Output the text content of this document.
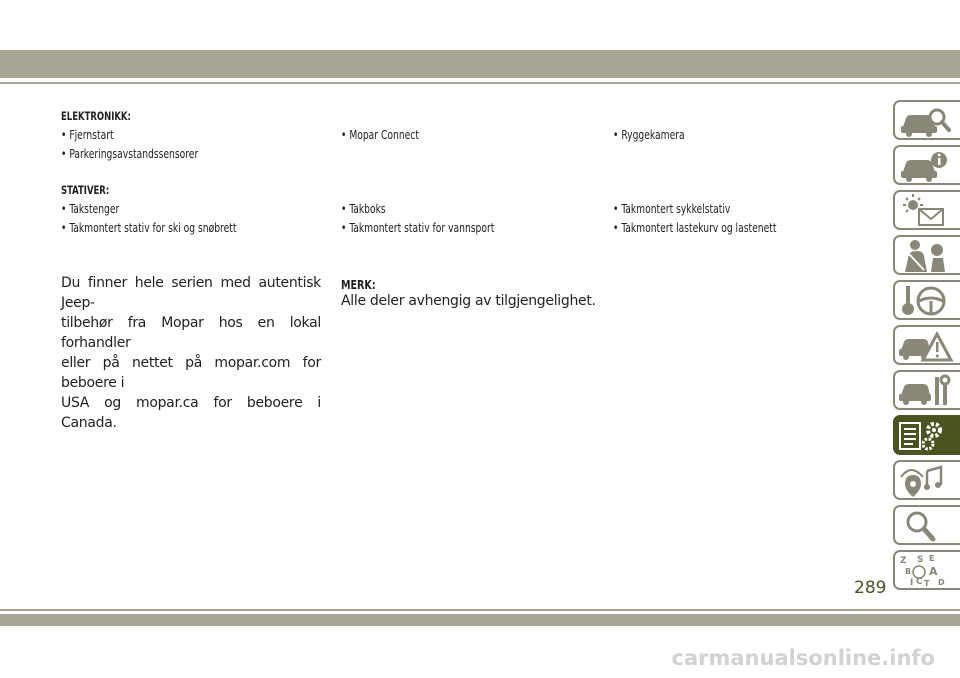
ELEKTRONIKK:
• Fjernstart	• Mopar Connect	• Ryggekamera
• Parkeringsavstandssensorer
STATIVER:
• Takstenger	• Takboks	• Takmontert sykkelstativ
• Takmontert stativ for ski og snøbrett	• Takmontert stativ for vannsport	• Takmontert lastekurv og lastenett
Du finner hele serien med autentisk Jeep-
tilbehør fra Mopar hos en lokal forhandler
eller på nettet på mopar.com for beboere i
USA og mopar.ca for beboere i Canada.
MERK:
Alle deler avhengig av tilgjengelighet.
Z S E
B A
I C T D
289
carmanualsonline.info
